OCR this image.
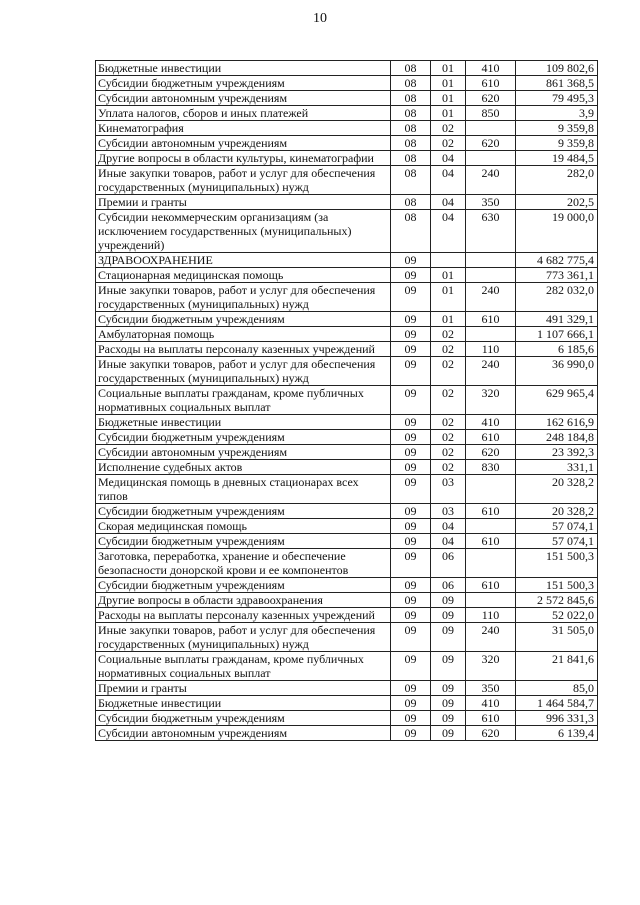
10
Бюджетные инвестиции	08	01	410	109 802,6
Субсидии бюджетным учреждениям	08	01	610	861 368,5
Субсидии автономным учреждениям	08	01	620	79 495,3
Уплата налогов, сборов и иных платежей	08	01	850	3,9
Кинематография	08	02		9 359,8
Субсидии автономным учреждениям	08	02	620	9 359,8
Другие вопросы в области культуры, кинематографии	08	04		19 484,5
Иные закупки товаров, работ и услуг для обеспечения государственных (муниципальных) нужд	08	04	240	282,0
Премии и гранты	08	04	350	202,5
Субсидии некоммерческим организациям (за исключением государственных (муниципальных) учреждений)	08	04	630	19 000,0
ЗДРАВООХРАНЕНИЕ	09			4 682 775,4
Стационарная медицинская помощь	09	01		773 361,1
Иные закупки товаров, работ и услуг для обеспечения государственных (муниципальных) нужд	09	01	240	282 032,0
Субсидии бюджетным учреждениям	09	01	610	491 329,1
Амбулаторная помощь	09	02		1 107 666,1
Расходы на выплаты персоналу казенных учреждений	09	02	110	6 185,6
Иные закупки товаров, работ и услуг для обеспечения государственных (муниципальных) нужд	09	02	240	36 990,0
Социальные выплаты гражданам, кроме публичных нормативных социальных выплат	09	02	320	629 965,4
Бюджетные инвестиции	09	02	410	162 616,9
Субсидии бюджетным учреждениям	09	02	610	248 184,8
Субсидии автономным учреждениям	09	02	620	23 392,3
Исполнение судебных актов	09	02	830	331,1
Медицинская помощь в дневных стационарах всех типов	09	03		20 328,2
Субсидии бюджетным учреждениям	09	03	610	20 328,2
Скорая медицинская помощь	09	04		57 074,1
Субсидии бюджетным учреждениям	09	04	610	57 074,1
Заготовка, переработка, хранение и обеспечение безопасности донорской крови и ее компонентов	09	06		151 500,3
Субсидии бюджетным учреждениям	09	06	610	151 500,3
Другие вопросы в области здравоохранения	09	09		2 572 845,6
Расходы на выплаты персоналу казенных учреждений	09	09	110	52 022,0
Иные закупки товаров, работ и услуг для обеспечения государственных (муниципальных) нужд	09	09	240	31 505,0
Социальные выплаты гражданам, кроме публичных нормативных социальных выплат	09	09	320	21 841,6
Премии и гранты	09	09	350	85,0
Бюджетные инвестиции	09	09	410	1 464 584,7
Субсидии бюджетным учреждениям	09	09	610	996 331,3
Субсидии автономным учреждениям	09	09	620	6 139,4
